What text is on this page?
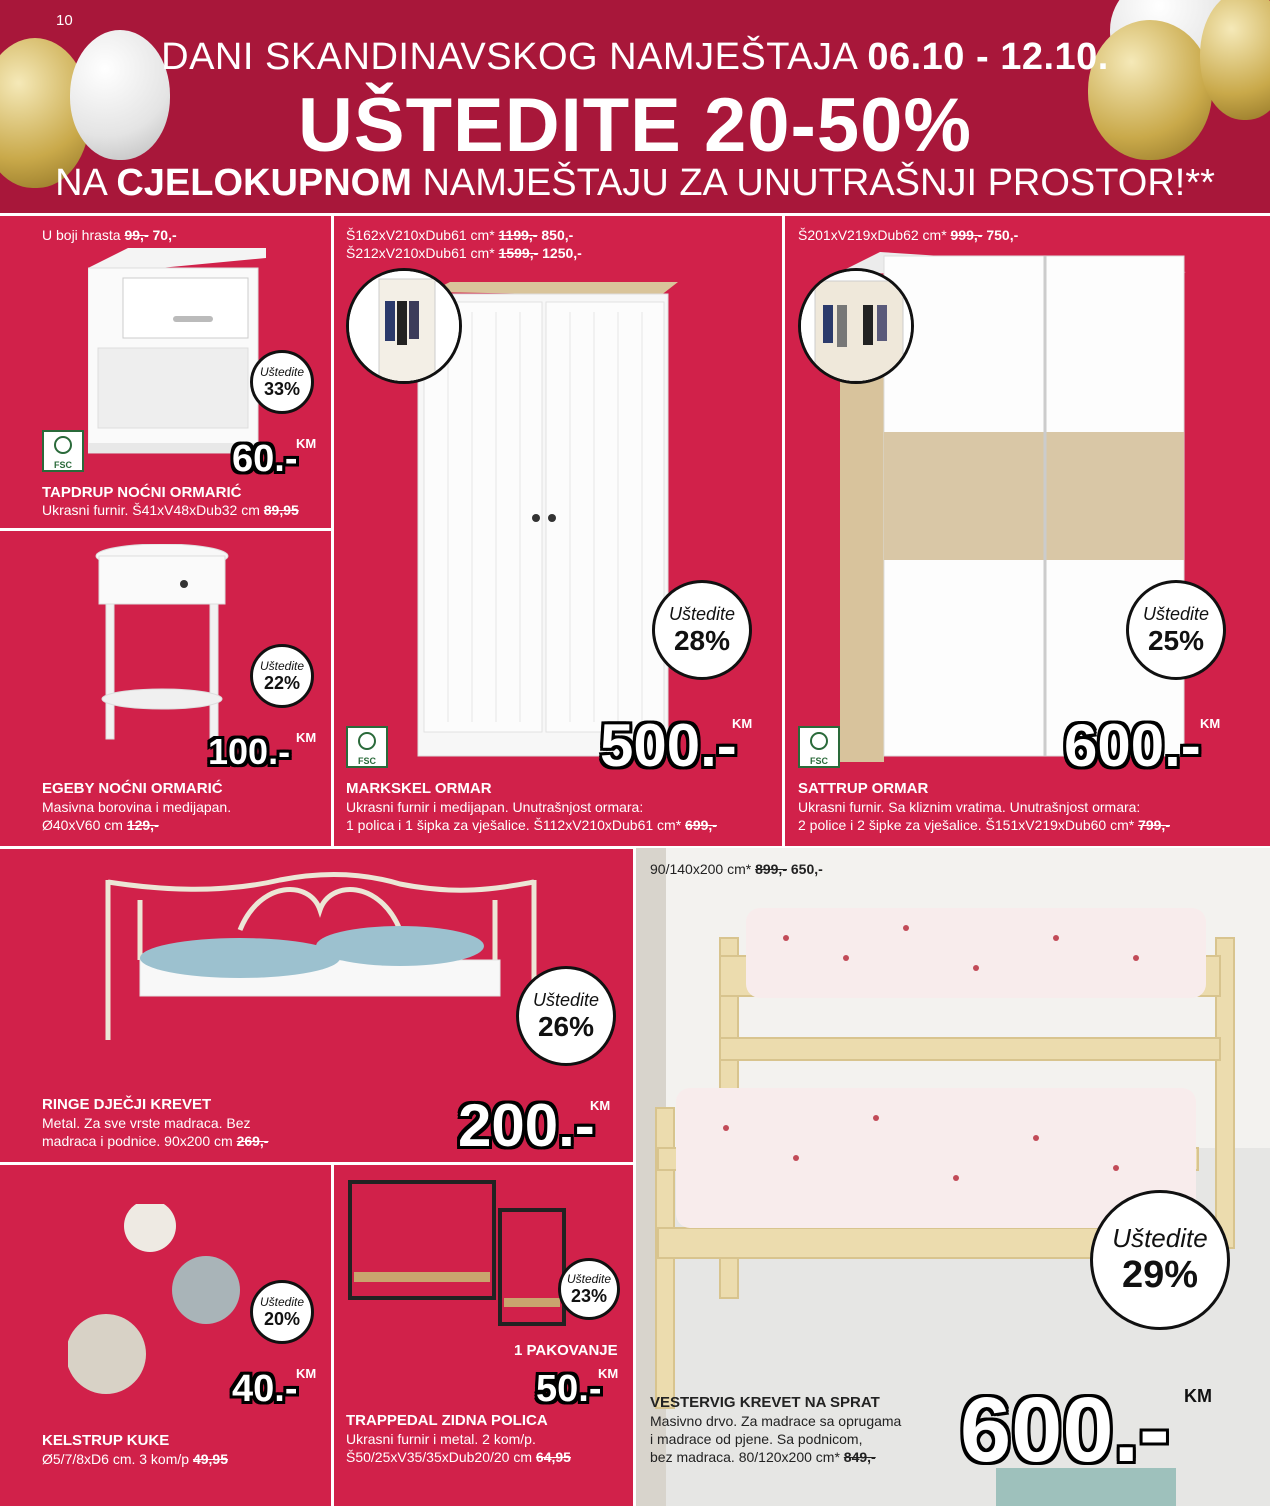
10
DANI SKANDINAVSKOG NAMJEŠTAJA 06.10 - 12.10.
UŠTEDITE 20-50%
NA CJELOKUPNOM NAMJEŠTAJU ZA UNUTRAŠNJI PROSTOR!**
U boji hrasta 99,- 70,-
Uštedite
33%
FSC
KM
60.-
TAPDRUP NOĆNI ORMARIĆ
Ukrasni furnir. Š41xV48xDub32 cm 89,95
Uštedite
22%
KM
100.-
EGEBY NOĆNI ORMARIĆ
Masivna borovina i medijapan.
Ø40xV60 cm 129,-
Š162xV210xDub61 cm* 1199,- 850,-
Š212xV210xDub61 cm* 1599,- 1250,-
Uštedite
28%
FSC
KM
500.-
MARKSKEL ORMAR
Ukrasni furnir i medijapan. Unutrašnjost ormara:
1 polica i 1 šipka za vješalice. Š112xV210xDub61 cm* 699,-
Š201xV219xDub62 cm* 999,- 750,-
Uštedite
25%
FSC
KM
600.-
SATTRUP ORMAR
Ukrasni furnir. Sa kliznim vratima. Unutrašnjost ormara:
2 police i 2 šipke za vješalice. Š151xV219xDub60 cm* 799,-
Uštedite
26%
KM
200.-
RINGE DJEČJI KREVET
Metal. Za sve vrste madraca. Bez
madraca i podnice. 90x200 cm 269,-
Uštedite
20%
KM
40.-
KELSTRUP KUKE
Ø5/7/8xD6 cm. 3 kom/p 49,95
Uštedite
23%
1 PAKOVANJE
KM
50.-
TRAPPEDAL ZIDNA POLICA
Ukrasni furnir i metal. 2 kom/p.
Š50/25xV35/35xDub20/20 cm 64,95
90/140x200 cm* 899,- 650,-
Uštedite
29%
KM
600.-
VESTERVIG KREVET NA SPRAT
Masivno drvo. Za madrace sa oprugama
i madrace od pjene. Sa podnicom,
bez madraca. 80/120x200 cm* 849,-
